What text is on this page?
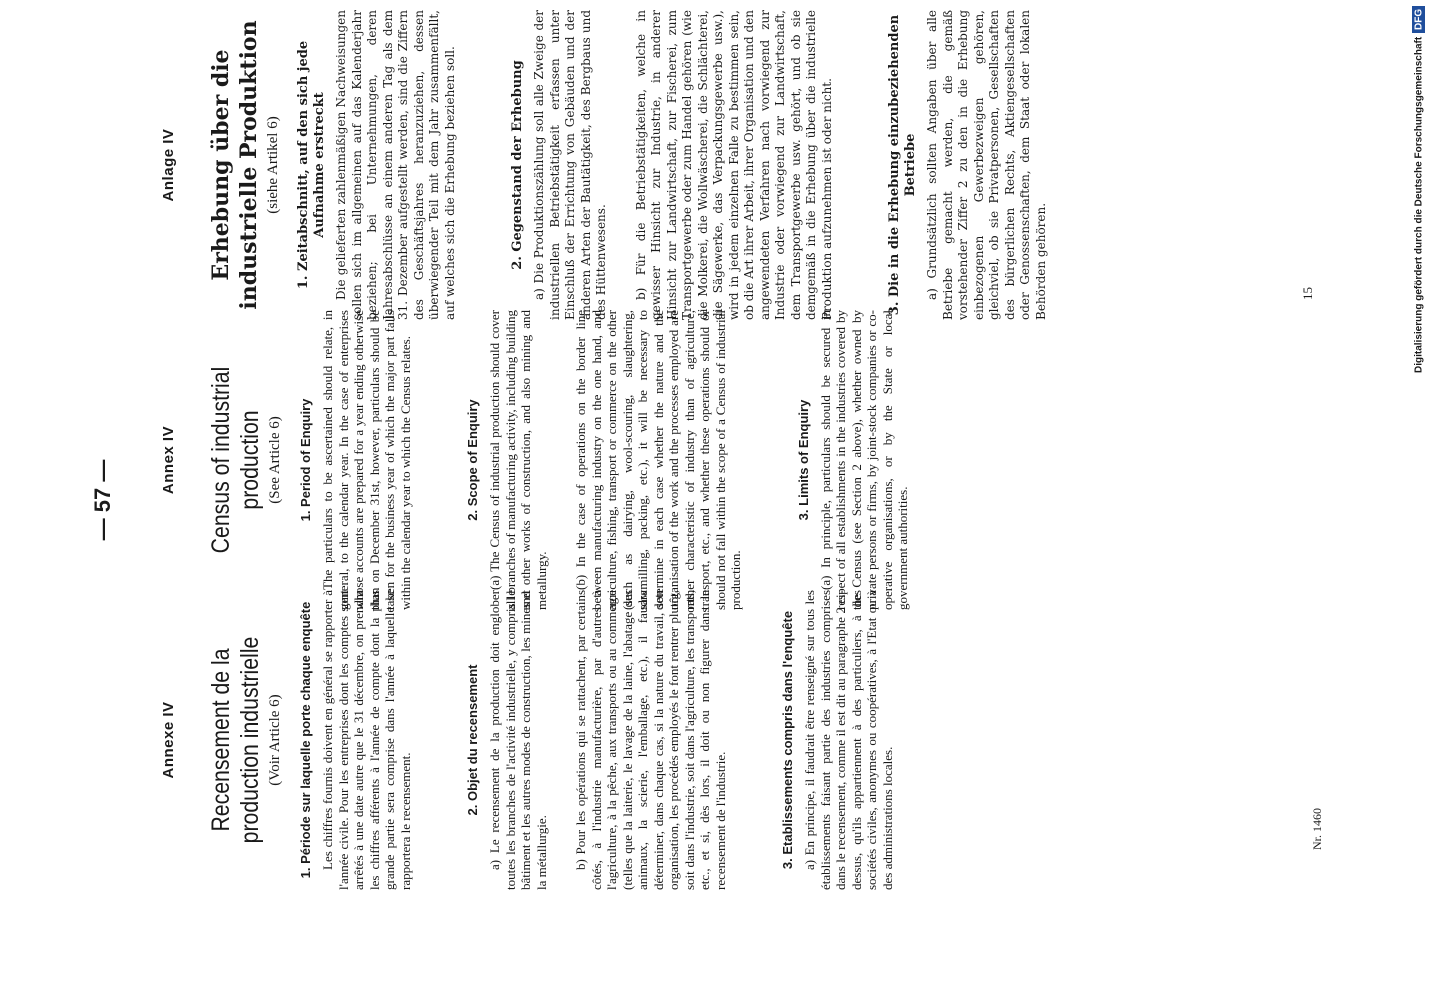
— 57 —
Annexe IV Recensement de la production industrielle (Voir Article 6) 1. Période sur laquelle porte chaque enquête Les chiffres fournis doivent en général se rapporter à l'année civile. Pour les entreprises dont les comptes sont arrêtés à une date autre que le 31 décembre, on prendra les chiffres afférents à l'année de compte dont la plus grande partie sera comprise dans l'année à laquelle se rapportera le recensement.

2. Objet du recensement a) Le recensement de la production doit englober toutes les branches de l'activité industrielle, y compris le bâtiment et les autres modes de construction, les mines et la métallurgie. b) Pour les opérations qui se rattachent, par certains côtés, à l'industrie manufacturière, par d'autres à l'agriculture, à la pêche, aux transports ou au commerce (telles que la laiterie, le lavage de la laine, l'abatage des animaux, la scierie, l'emballage, etc.), il faudra déterminer, dans chaque cas, si la nature du travail, son organisation, les procédés employés le font rentrer plutôt, soit dans l'industrie, soit dans l'agriculture, les transports, etc., et si, dès lors, il doit ou non figurer dans le recensement de l'industrie.	3. Etablissements compris dans l'enquête a) En principe, il faudrait être renseigné sur tous les établissements faisant partie des industries comprises dans le recensement, comme il est dit au paragraphe 2 ci-dessus, qu'ils appartiennent à des particuliers, à des sociétés civiles, anonymes ou coopératives, à l'Etat ou à des administrations locales.

Annex IV Census of industrial production (See Article 6) 1. Period of Enquiry The particulars to be ascertained should relate, in general, to the calendar year. In the case of enterprises whose accounts are prepared for a year ending otherwise than on December 31st, however, particulars should be taken for the business year of which the major part falls within the calendar year to which the Census relates.	2. Scope of Enquiry (a) The Census of industrial production should cover all branches of manufacturing activity, including building and other works of construction, and also mining and metallurgy. (b) In the case of operations on the border line between manufacturing industry on the one hand, and agriculture, fishing, transport or commerce on the other (such as dairying, wool-scouring, slaughtering, sawmilling, packing, etc.), it will be necessary to determine in each case whether the nature and the organisation of the work and the processes employed are rather characteristic of industry than of agriculture, transport, etc., and whether these operations should or should not fall within the scope of a Census of industrial production.

3. Limits of Enquiry (a) In principle, particulars should be secured in respect of all establishments in the industries covered by the Census (see Section 2 above), whether owned by private persons or firms, by joint-stock companies or co-operative organisations, or by the State or local government authorities.

Anlage IV Erhebung über die industrielle Produktion (siehe Artikel 6) 1. Zeitabschnitt, auf den sich jede Aufnahme erstreckt Die gelieferten zahlenmäßigen Nachweisungen sollen sich im allgemeinen auf das Kalenderjahr beziehen; bei Unternehmungen, deren Jahresabschlüsse an einem anderen Tag als dem 31. Dezember aufgestellt werden, sind die Ziffern des Geschäftsjahres heranzuziehen, dessen überwiegender Teil mit dem Jahr zusammenfällt, auf welches sich die Erhebung beziehen soll.	2. Gegenstand der Erhebung a) Die Produktionszählung soll alle Zweige der industriellen Betriebstätigkeit erfassen unter Einschluß der Errichtung von Gebäuden und der anderen Arten der Bautätigkeit, des Bergbaus und des Hüttenwesens. b) Für die Betriebstätigkeiten, welche in gewisser Hinsicht zur Industrie, in anderer Hinsicht zur Landwirtschaft, zur Fischerei, zum Transportgewerbe oder zum Handel gehören (wie die Molkerei, die Wollwäscherei, die Schlächterei, die Sägewerke, das Verpackungsgewerbe usw.), wird in jedem einzelnen Falle zu bestimmen sein, ob die Art ihrer Arbeit, ihrer Organisation und den angewendeten Verfahren nach vorwiegend zur Industrie oder vorwiegend zur Landwirtschaft, dem Transportgewerbe usw. gehört, und ob sie demgemäß in die Erhebung über die industrielle Produktion aufzunehmen ist oder nicht.	3. Die in die Erhebung einzubeziehenden Betriebe a) Grundsätzlich sollten Angaben über alle Betriebe gemacht werden, die gemäß vorstehender Ziffer 2 zu den in die Erhebung einbezogenen Gewerbezweigen gehören, gleichviel, ob sie Privatpersonen, Gesellschaften des bürgerlichen Rechts, Aktiengesellschaften oder Genossenschaften, dem Staat oder lokalen Behörden gehören.

Nr. 1460
15	Digitalisierung gefördert durch die Deutsche Forschungsgemeinschaft
DFG
